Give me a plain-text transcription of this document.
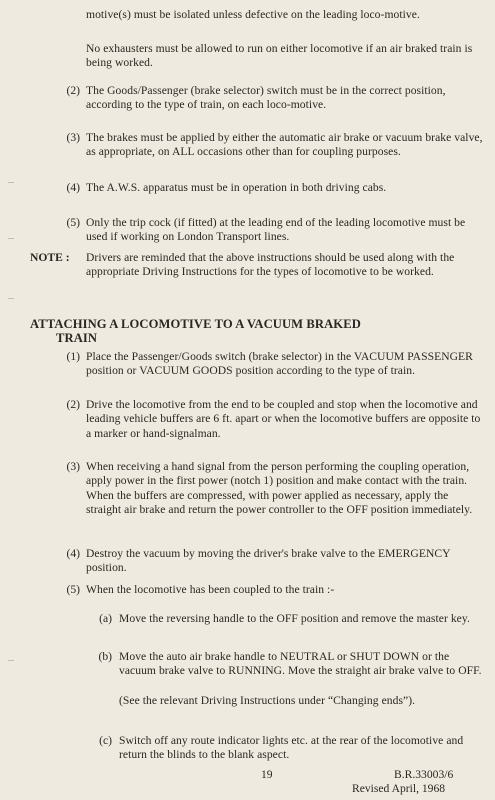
motive(s) must be isolated unless defective on the leading loco-motive.
No exhausters must be allowed to run on either locomotive if an air braked train is being worked.
(2) The Goods/Passenger (brake selector) switch must be in the correct position, according to the type of train, on each loco-motive.
(3) The brakes must be applied by either the automatic air brake or vacuum brake valve, as appropriate, on ALL occasions other than for coupling purposes.
(4) The A.W.S. apparatus must be in operation in both driving cabs.
(5) Only the trip cock (if fitted) at the leading end of the leading locomotive must be used if working on London Transport lines.
NOTE : Drivers are reminded that the above instructions should be used along with the appropriate Driving Instructions for the types of locomotive to be worked.
ATTACHING A LOCOMOTIVE TO A VACUUM BRAKED
TRAIN
(1) Place the Passenger/Goods switch (brake selector) in the VACUUM PASSENGER position or VACUUM GOODS position according to the type of train.
(2) Drive the locomotive from the end to be coupled and stop when the locomotive and leading vehicle buffers are 6 ft. apart or when the locomotive buffers are opposite to a marker or hand-signalman.
(3) When receiving a hand signal from the person performing the coupling operation, apply power in the first power (notch 1) position and make contact with the train. When the buffers are compressed, with power applied as necessary, apply the straight air brake and return the power controller to the OFF position immediately.
(4) Destroy the vacuum by moving the driver's brake valve to the EMERGENCY position.
(5) When the locomotive has been coupled to the train :-
(a) Move the reversing handle to the OFF position and remove the master key.
(b) Move the auto air brake handle to NEUTRAL or SHUT DOWN or the vacuum brake valve to RUNNING. Move the straight air brake valve to OFF.
(See the relevant Driving Instructions under “Changing ends”).
(c) Switch off any route indicator lights etc. at the rear of the locomotive and return the blinds to the blank aspect.
19	B.R.33003/6
Revised April, 1968
